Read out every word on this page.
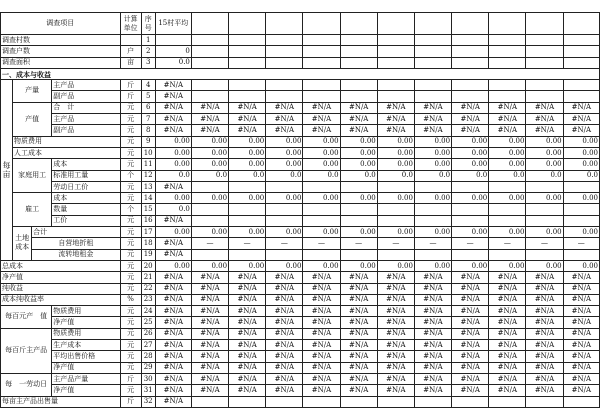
调查项目				计算单位	序号	15村平均											
调查村数					1												
调查户数				户	2	0											
调查面积				亩	3	0.0											
一、成本与收益																	
每　　亩	产量		主产品	斤	4	#N/A											
			副产品	斤	5	#N/A											
	产值		合　计	元	6	#N/A	#N/A	#N/A	#N/A	#N/A	#N/A	#N/A	#N/A	#N/A	#N/A	#N/A	#N/A
			主产品	元	7	#N/A	#N/A	#N/A	#N/A	#N/A	#N/A	#N/A	#N/A	#N/A	#N/A	#N/A	#N/A
			副产品	元	8	#N/A	#N/A	#N/A	#N/A	#N/A	#N/A	#N/A	#N/A	#N/A	#N/A	#N/A	#N/A
	物质费用			元	9	0.00	0.00	0.00	0.00	0.00	0.00	0.00	0.00	0.00	0.00	0.00	0.00
	人工成本			元	10	0.00	0.00	0.00	0.00	0.00	0.00	0.00	0.00	0.00	0.00	0.00	0.00
	家庭用工		成本	元	11	0.00	0.00	0.00	0.00	0.00	0.00	0.00	0.00	0.00	0.00	0.00	0.00
			标准用工量	个	12	0.0	0.0	0.0	0.0	0.0	0.0	0.0	0.0	0.0	0.0	0.0	0.0
			劳动日工价	元	13	#N/A											
	雇工		成本	元	14	0.00	0.00	0.00	0.00	0.00	0.00	0.00	0.00	0.00	0.00	0.00	0.00
			数量	个	15	0.0											
			工价	元	16	#N/A											
	土地成本	合计		元	17	0.00	0.00	0.00	0.00	0.00	0.00	0.00	0.00	0.00	0.00	0.00	0.00
		自营地折租		元	18	#N/A	—	—	—	—	—	—	—	—	—	—	—
		流转地租金		元	19	#N/A											
总成本				元	20	0.00	0.00	0.00	0.00	0.00	0.00	0.00	0.00	0.00	0.00	0.00	0.00
净产值				元	21	#N/A	#N/A	#N/A	#N/A	#N/A	#N/A	#N/A	#N/A	#N/A	#N/A	#N/A	#N/A
纯收益				元	22	#N/A	#N/A	#N/A	#N/A	#N/A	#N/A	#N/A	#N/A	#N/A	#N/A	#N/A	#N/A
成本纯收益率				%	23	#N/A	#N/A	#N/A	#N/A	#N/A	#N/A	#N/A	#N/A	#N/A	#N/A	#N/A	#N/A
每百元产　值			物质费用	元	24	#N/A	#N/A	#N/A	#N/A	#N/A	#N/A	#N/A	#N/A	#N/A	#N/A	#N/A	#N/A
			净产值	元	25	#N/A	#N/A	#N/A	#N/A	#N/A	#N/A	#N/A	#N/A	#N/A	#N/A	#N/A	#N/A
每百斤主产品			物质费用	元	26	#N/A	#N/A	#N/A	#N/A	#N/A	#N/A	#N/A	#N/A	#N/A	#N/A	#N/A	#N/A
			生产成本	元	27	#N/A	#N/A	#N/A	#N/A	#N/A	#N/A	#N/A	#N/A	#N/A	#N/A	#N/A	#N/A
			平均出售价格	元	28	#N/A	#N/A	#N/A	#N/A	#N/A	#N/A	#N/A	#N/A	#N/A	#N/A	#N/A	#N/A
			净产值	元	29	#N/A	#N/A	#N/A	#N/A	#N/A	#N/A	#N/A	#N/A	#N/A	#N/A	#N/A	#N/A
每　一劳动日			主产品产量	斤	30	#N/A	#N/A	#N/A	#N/A	#N/A	#N/A	#N/A	#N/A	#N/A	#N/A	#N/A	#N/A
			净产值	元	31	#N/A	#N/A	#N/A	#N/A	#N/A	#N/A	#N/A	#N/A	#N/A	#N/A	#N/A	#N/A
每亩主产品出售量				斤	32	#N/A											
